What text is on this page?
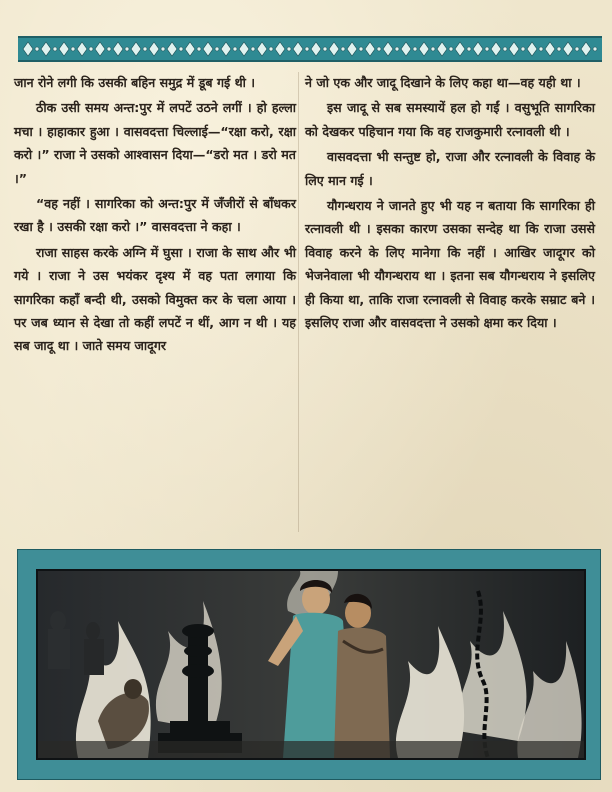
जान रोने लगी कि उसकी बहिन समुद्र में डूब गई थी ।

ठीक उसी समय अन्त:पुर में लपटें उठने लगीं । हो हल्ला मचा । हाहाकार हुआ । वासवदत्ता चिल्लाई—“रक्षा करो, रक्षा करो ।” राजा ने उसको आश्वासन दिया—“डरो मत । डरो मत ।”

“वह नहीं । सागरिका को अन्त:पुर में जँजीरों से बाँधकर रखा है । उसकी रक्षा करो ।” वासवदत्ता ने कहा ।

राजा साहस करके अग्नि में घुसा । राजा के साथ और भी गये । राजा ने उस भयंकर दृश्य में वह पता लगाया कि सागरिका कहाँ बन्दी थी, उसको विमुक्त कर के चला आया । पर जब ध्यान से देखा तो कहीं लपटें न थीं, आग न थी । यह सब जादू था । जाते समय जादूगर

ने जो एक और जादू दिखाने के लिए कहा था—वह यही था ।

इस जादू से सब समस्यायें हल हो गईं । वसुभूति सागरिका को देखकर पहिचान गया कि वह राजकुमारी रत्नावली थी ।

वासवदत्ता भी सन्तुष्ट हो, राजा और रत्नावली के विवाह के लिए मान गई ।

यौगन्धराय ने जानते हुए भी यह न बताया कि सागरिका ही रत्नावली थी । इसका कारण उसका सन्देह था कि राजा उससे विवाह करने के लिए मानेगा कि नहीं । आखिर जादूगर को भेजनेवाला भी यौगन्धराय था । इतना सब यौगन्धराय ने इसलिए ही किया था, ताकि राजा रत्नावली से विवाह करके सम्राट बने । इसलिए राजा और वासवदत्ता ने उसको क्षमा कर दिया ।
